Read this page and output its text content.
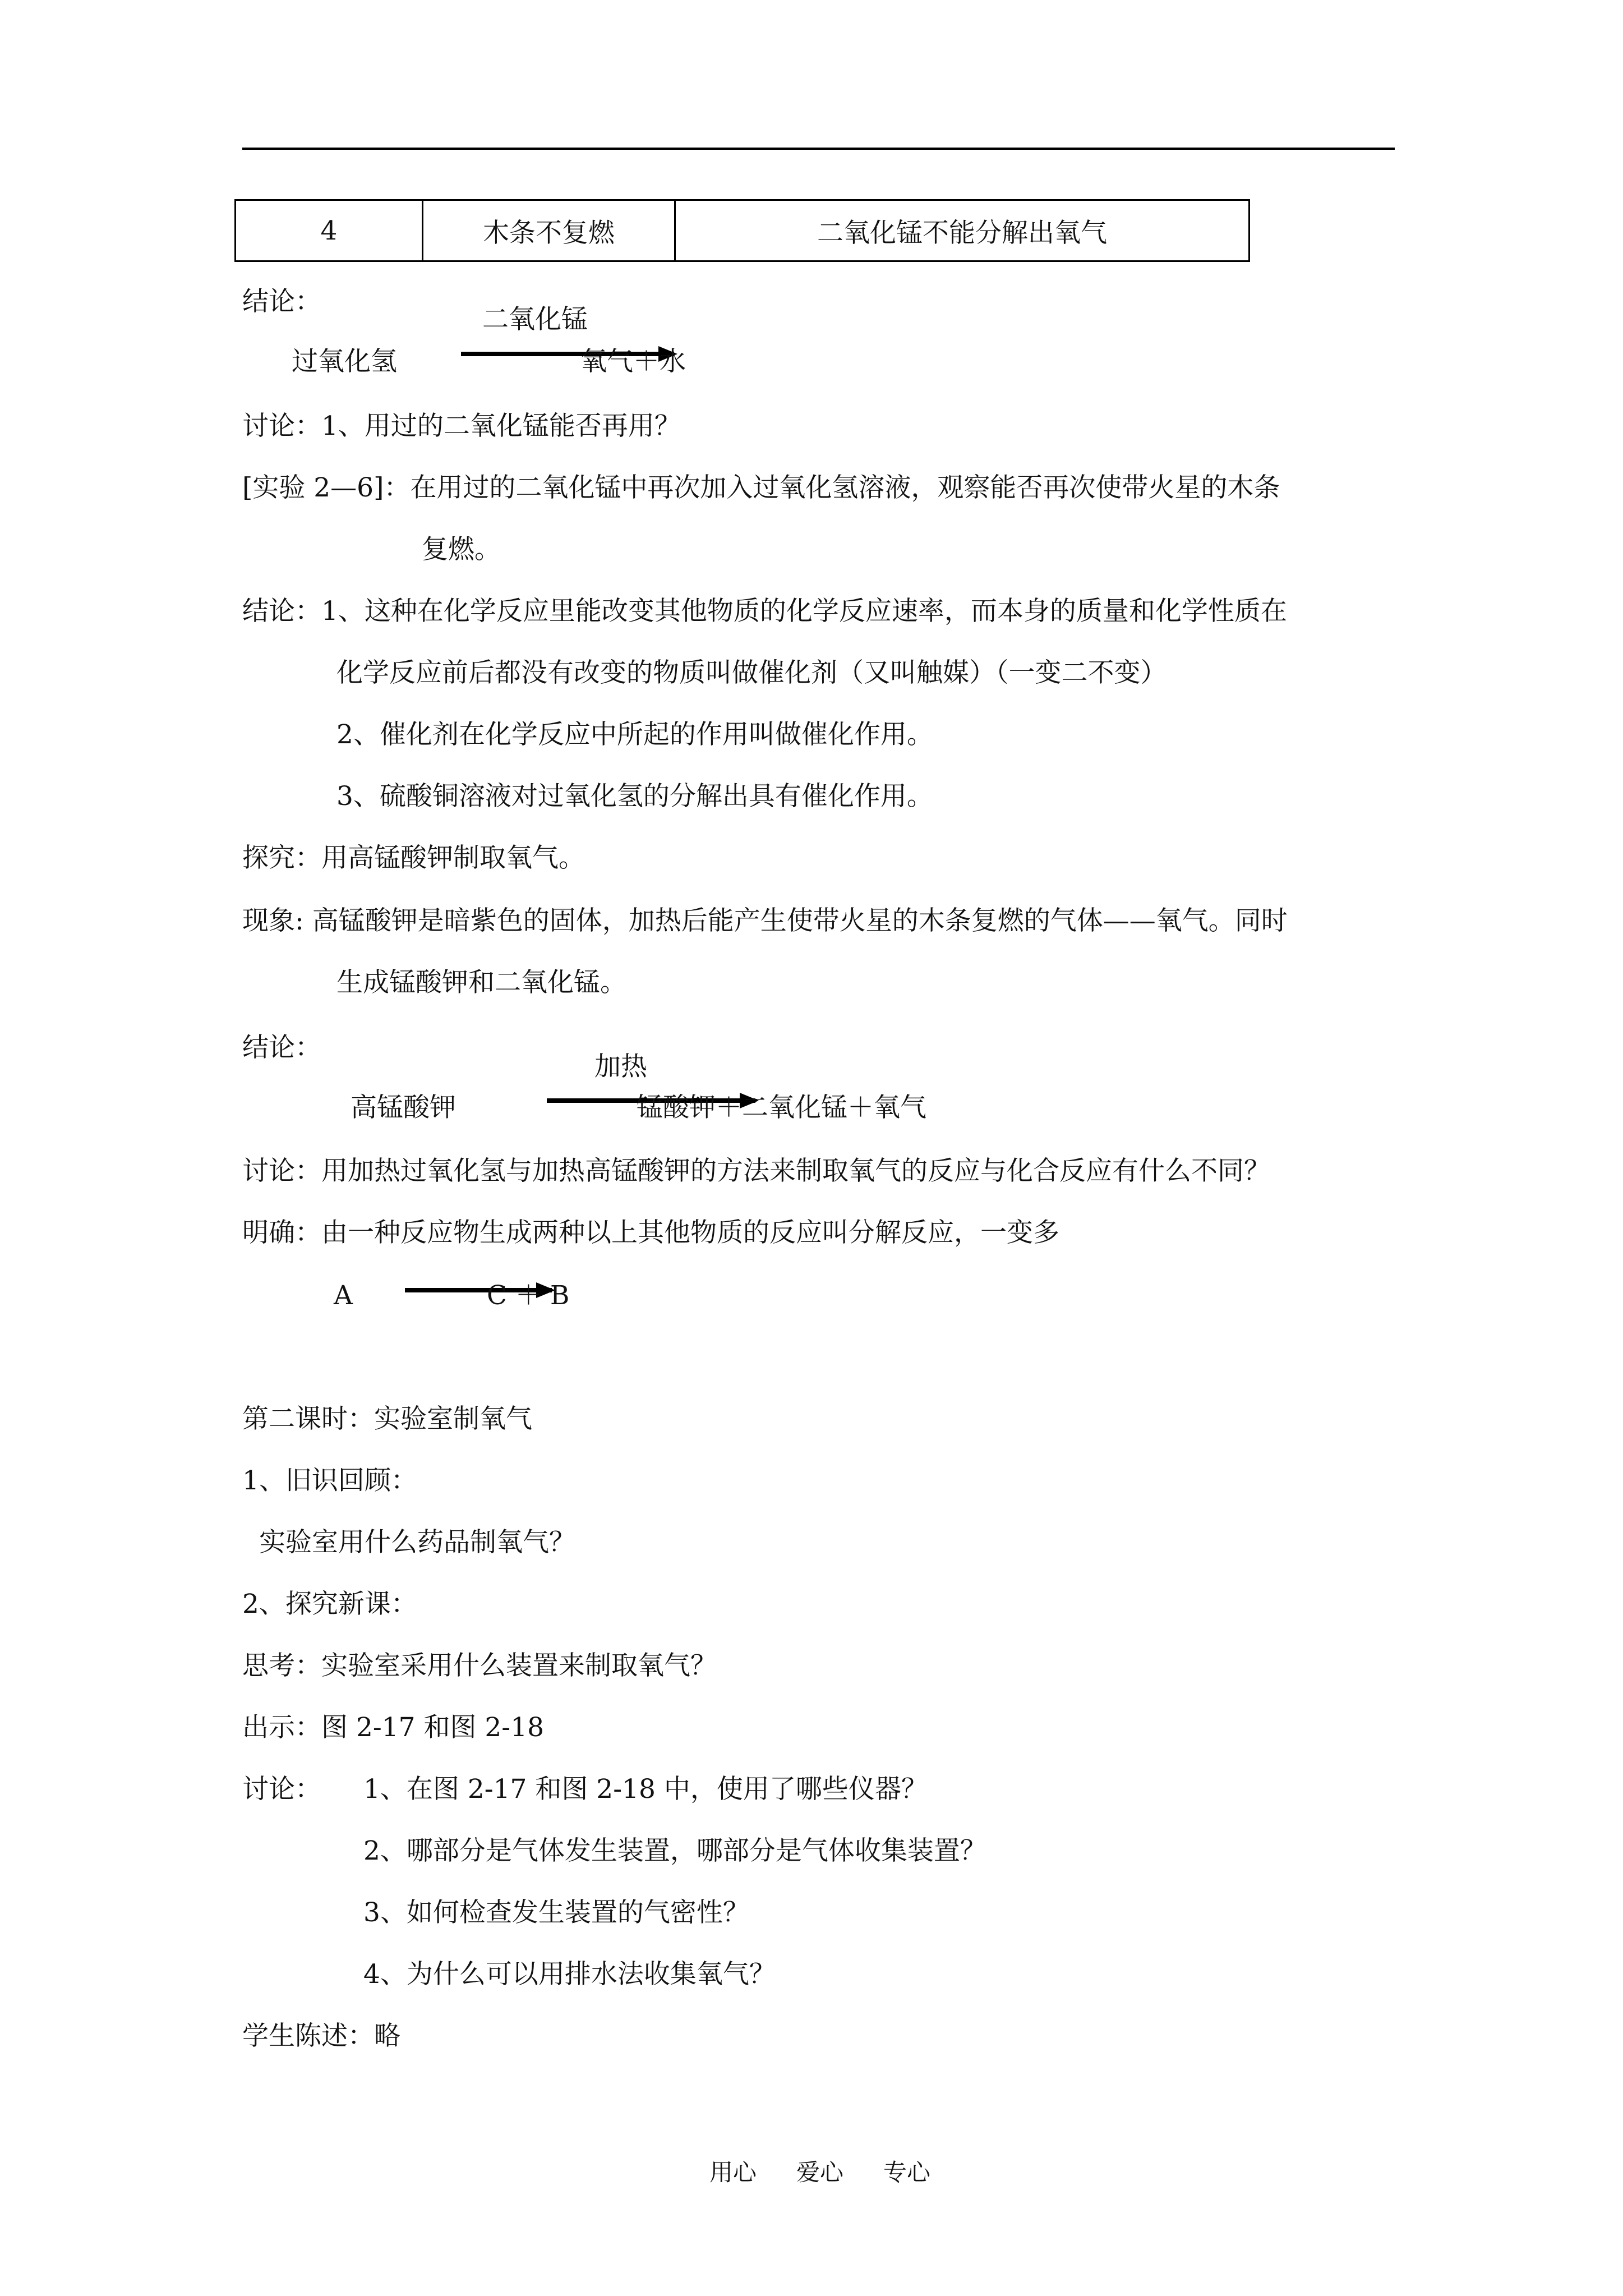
4	木条不复燃	二氧化锰不能分解出氧气
结论：
二氧化锰
过氧化氢	氧气＋水
讨论：1、用过的二氧化锰能否再用？
[实验 2—6]：在用过的二氧化锰中再次加入过氧化氢溶液，观察能否再次使带火星的木条
复燃。
结论：1、这种在化学反应里能改变其他物质的化学反应速率，而本身的质量和化学性质在
化学反应前后都没有改变的物质叫做催化剂（又叫触媒）（一变二不变）
2、催化剂在化学反应中所起的作用叫做催化作用。
3、硫酸铜溶液对过氧化氢的分解出具有催化作用。
探究：用高锰酸钾制取氧气。
现象: 高锰酸钾是暗紫色的固体，加热后能产生使带火星的木条复燃的气体——氧气。同时
生成锰酸钾和二氧化锰。
结论：
加热
高锰酸钾	锰酸钾＋二氧化锰＋氧气
讨论：用加热过氧化氢与加热高锰酸钾的方法来制取氧气的反应与化合反应有什么不同？
明确：由一种反应物生成两种以上其他物质的反应叫分解反应，一变多
A	C ＋ B
第二课时：实验室制氧气
1、旧识回顾：
实验室用什么药品制氧气？
2、探究新课：
思考：实验室采用什么装置来制取氧气？
出示：图 2-17 和图 2-18
讨论： 1、在图 2-17 和图 2-18 中，使用了哪些仪器？
2、哪部分是气体发生装置，哪部分是气体收集装置？
3、如何检查发生装置的气密性？
4、为什么可以用排水法收集氧气？
学生陈述：略
用心 爱心 专心
